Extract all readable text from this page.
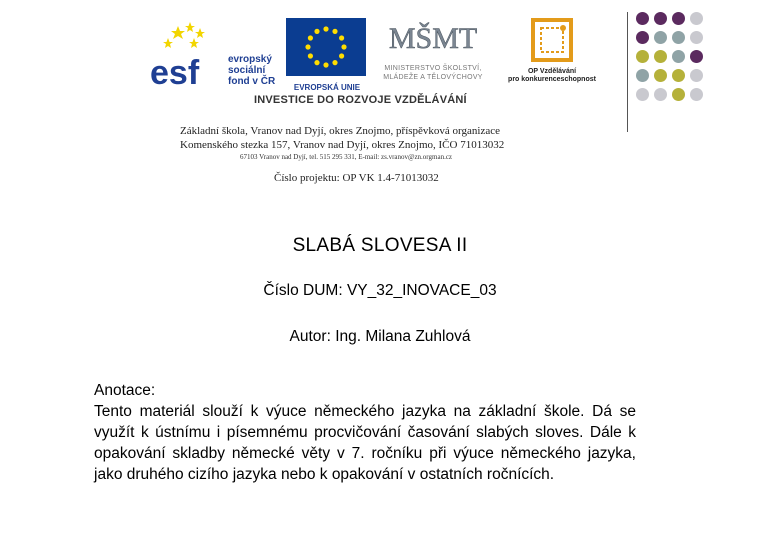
esf	evropský
sociální
fond v ČR
EVROPSKÁ UNIE
MŠMT
MINISTERSTVO ŠKOLSTVÍ,
MLÁDEŽE A TĚLOVÝCHOVY
OP Vzdělávání
pro konkurenceschopnost
INVESTICE DO ROZVOJE VZDĚLÁVÁNÍ
Základní škola, Vranov nad Dyjí, okres Znojmo, příspěvková organizace
Komenského stezka 157, Vranov nad Dyjí, okres Znojmo, IČO 71013032
67103 Vranov nad Dyjí, tel. 515 295 331, E-mail: zs.vranov@zn.orgman.cz
Číslo projektu: OP VK 1.4-71013032
SLABÁ SLOVESA II
Číslo DUM: VY_32_INOVACE_03
Autor: Ing. Milana Zuhlová
Anotace:
Tento materiál slouží k výuce německého jazyka na základní škole. Dá se využít k ústnímu i písemnému procvičování časování slabých sloves. Dále k opakování skladby německé věty v 7. ročníku při výuce německého jazyka, jako druhého cizího jazyka nebo k opakování v ostatních ročnících.
